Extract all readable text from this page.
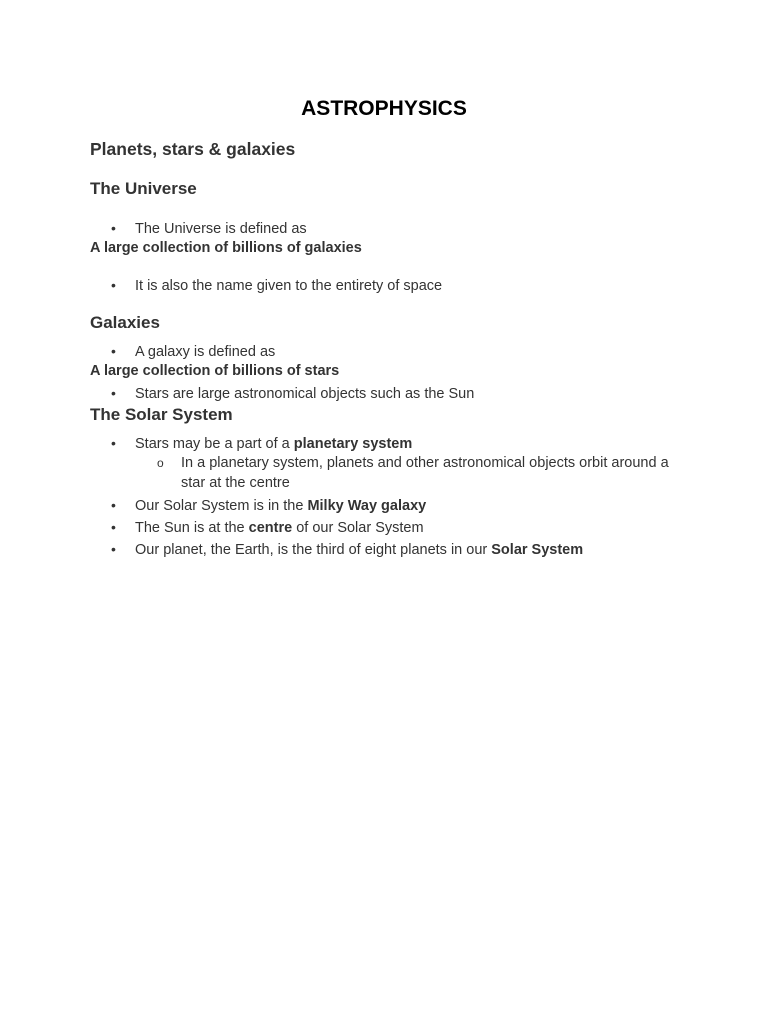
ASTROPHYSICS
Planets, stars & galaxies
The Universe

• The Universe is defined as

A large collection of billions of galaxies

• It is also the name given to the entirety of space

Galaxies

• A galaxy is defined as

A large collection of billions of stars

• Stars are large astronomical objects such as the Sun

The Solar System

• Stars may be a part of a planetary system

o	In a planetary system, planets and other astronomical objects orbit around a star at the centre

• Our Solar System is in the Milky Way galaxy

• The Sun is at the centre of our Solar System

• Our planet, the Earth, is the third of eight planets in our Solar System
